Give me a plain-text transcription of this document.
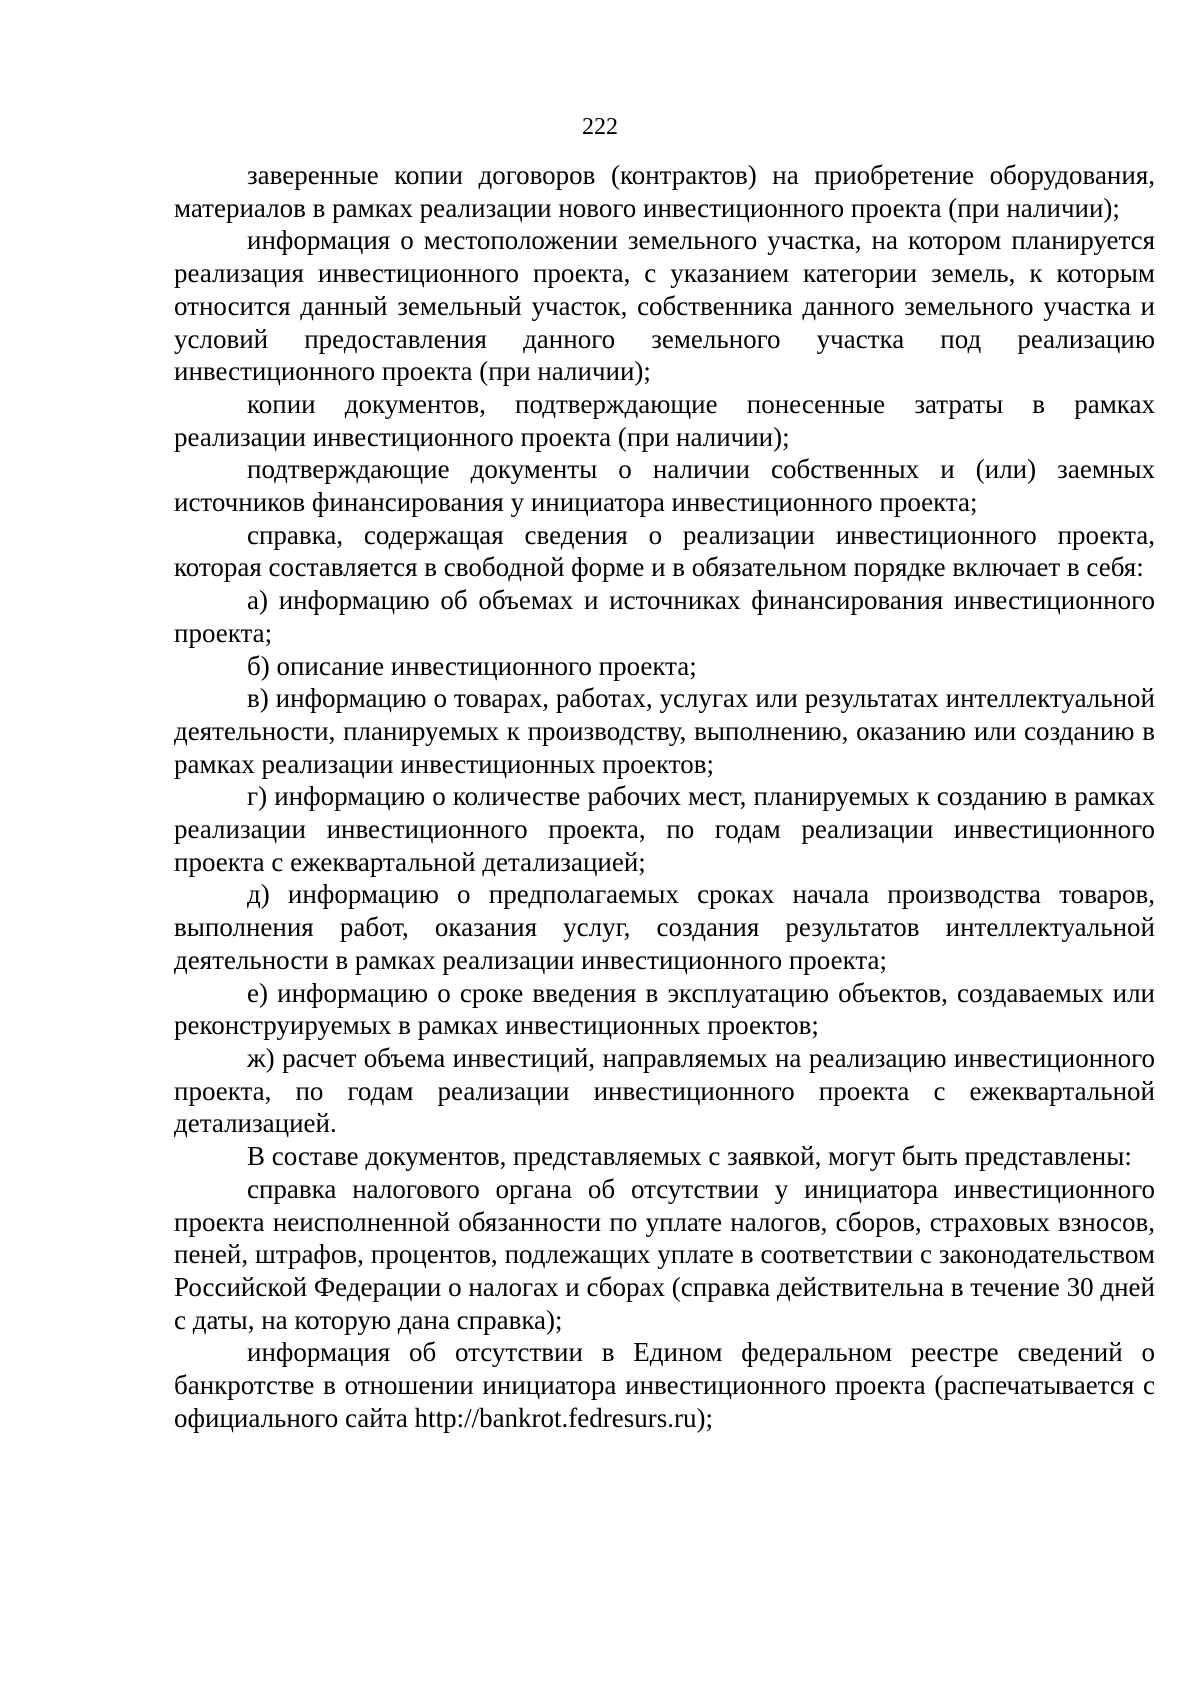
222

заверенные копии договоров (контрактов) на приобретение оборудования, материалов в рамках реализации нового инвестиционного проекта (при наличии);

информация о местоположении земельного участка, на котором планируется реализация инвестиционного проекта, с указанием категории земель, к которым относится данный земельный участок, собственника данного земельного участка и условий предоставления данного земельного участка под реализацию инвестиционного проекта (при наличии);

копии документов, подтверждающие понесенные затраты в рамках реализации инвестиционного проекта (при наличии);

подтверждающие документы о наличии собственных и (или) заемных источников финансирования у инициатора инвестиционного проекта;

справка, содержащая сведения о реализации инвестиционного проекта, которая составляется в свободной форме и в обязательном порядке включает в себя:

а) информацию об объемах и источниках финансирования инвестиционного проекта;

б) описание инвестиционного проекта;

в) информацию о товарах, работах, услугах или результатах интеллектуальной деятельности, планируемых к производству, выполнению, оказанию или созданию в рамках реализации инвестиционных проектов;

г) информацию о количестве рабочих мест, планируемых к созданию в рамках реализации инвестиционного проекта, по годам реализации инвестиционного проекта с ежеквартальной детализацией;

д) информацию о предполагаемых сроках начала производства товаров, выполнения работ, оказания услуг, создания результатов интеллектуальной деятельности в рамках реализации инвестиционного проекта;

е) информацию о сроке введения в эксплуатацию объектов, создаваемых или реконструируемых в рамках инвестиционных проектов;

ж) расчет объема инвестиций, направляемых на реализацию инвестиционного проекта, по годам реализации инвестиционного проекта с ежеквартальной детализацией.

В составе документов, представляемых с заявкой, могут быть представлены:

справка налогового органа об отсутствии у инициатора инвестиционного проекта неисполненной обязанности по уплате налогов, сборов, страховых взносов, пеней, штрафов, процентов, подлежащих уплате в соответствии с законодательством Российской Федерации о налогах и сборах (справка действительна в течение 30 дней с даты, на которую дана справка);

информация об отсутствии в Едином федеральном реестре сведений о банкротстве в отношении инициатора инвестиционного проекта (распечатывается с официального сайта http://bankrot.fedresurs.ru);
